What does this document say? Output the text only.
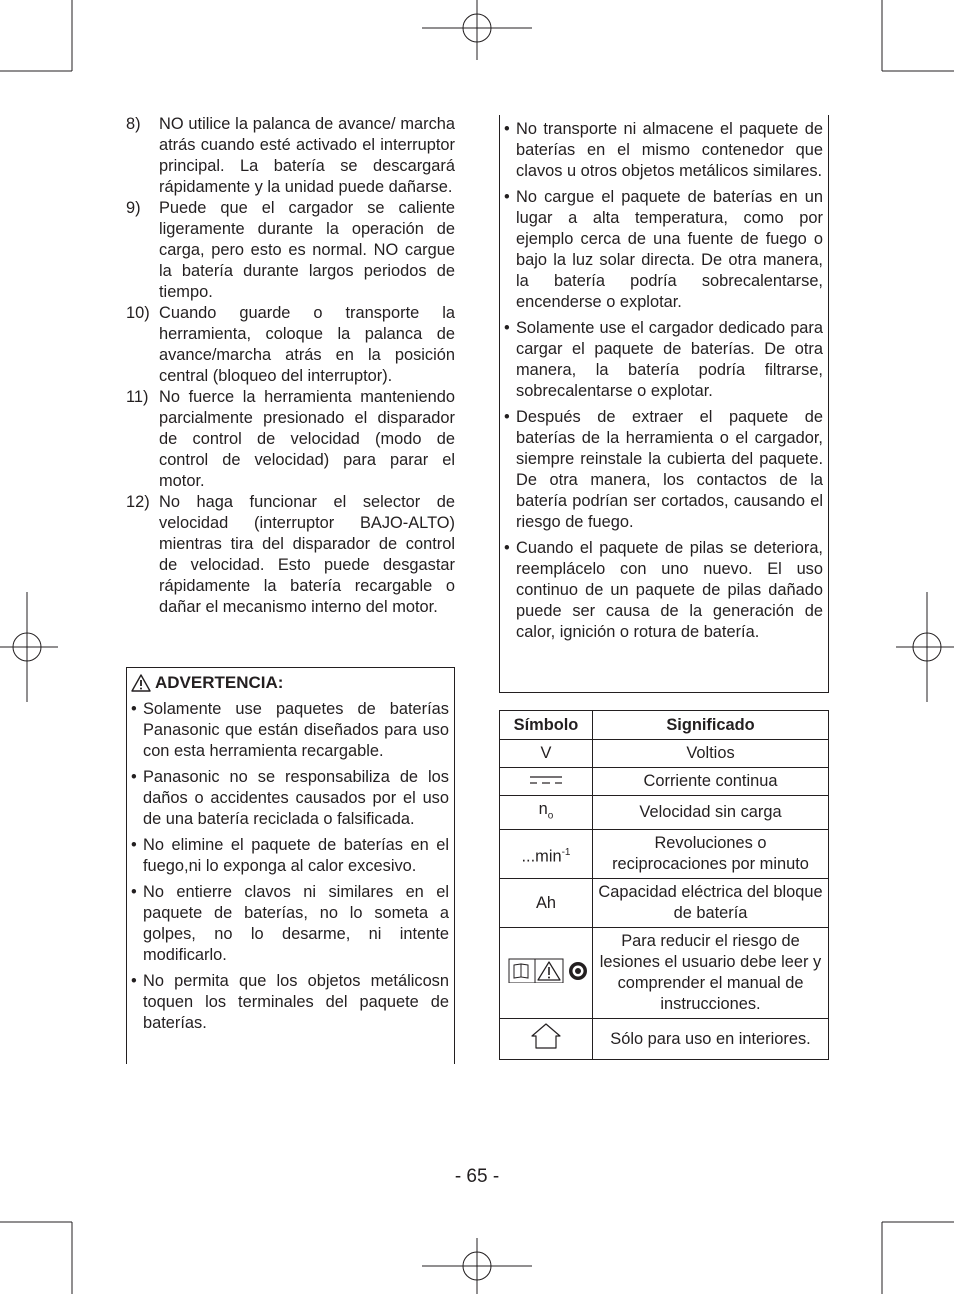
8) NO utilice la palanca de avance/ marcha atrás cuando esté activado el interruptor principal. La batería se descargará rápidamente y la unidad puede dañarse.
9) Puede que el cargador se caliente ligeramente durante la operación de carga, pero esto es normal. NO cargue la batería durante largos periodos de tiempo.
10) Cuando guarde o transporte la herramienta, coloque la palanca de avance/marcha atrás en la posición central (bloqueo del interruptor).
11) No fuerce la herramienta manteniendo parcialmente presionado el disparador de control de velocidad (modo de control de velocidad) para parar el motor.
12) No haga funcionar el selector de velocidad (interruptor BAJO-ALTO) mientras tira del disparador de control de velocidad. Esto puede desgastar rápidamente la batería recargable o dañar el mecanismo interno del motor.
ADVERTENCIA:
• Solamente use paquetes de baterías Panasonic que están diseñados para uso con esta herramienta recargable.
• Panasonic no se responsabiliza de los daños o accidentes causados por el uso de una batería reciclada o falsificada.
• No elimine el paquete de baterías en el fuego,ni lo exponga al calor excesivo.
• No entierre clavos ni similares en el paquete de baterías, no lo someta a golpes, no lo desarme, ni intente modificarlo.
• No permita que los objetos metálicosn toquen los terminales del paquete de baterías.
• No transporte ni almacene el paquete de baterías en el mismo contenedor que clavos u otros objetos metálicos similares.
• No cargue el paquete de baterías en un lugar a alta temperatura, como por ejemplo cerca de una fuente de fuego o bajo la luz solar directa. De otra manera, la batería podría sobrecalentarse, encenderse o explotar.
• Solamente use el cargador dedicado para cargar el paquete de baterías. De otra manera, la batería podría filtrarse, sobrecalentarse o explotar.
• Después de extraer el paquete de baterías de la herramienta o el cargador, siempre reinstale la cubierta del paquete. De otra manera, los contactos de la batería podrían ser cortados, causando el riesgo de fuego.
• Cuando el paquete de pilas se deteriora, reemplácelo con uno nuevo. El uso continuo de un paquete de pilas dañado puede ser causa de la generación de calor, ignición o rotura de batería.
Símbolo	Significado
V	Voltios
	Corriente continua
$n_o$	Velocidad sin carga
$...\min^{-1}$	Revoluciones o reciprocaciones por minuto
Ah	Capacidad eléctrica del bloque de batería
	Para reducir el riesgo de lesiones el usuario debe leer y comprender el manual de instrucciones.
	Sólo para uso en interiores.
- 65 -
